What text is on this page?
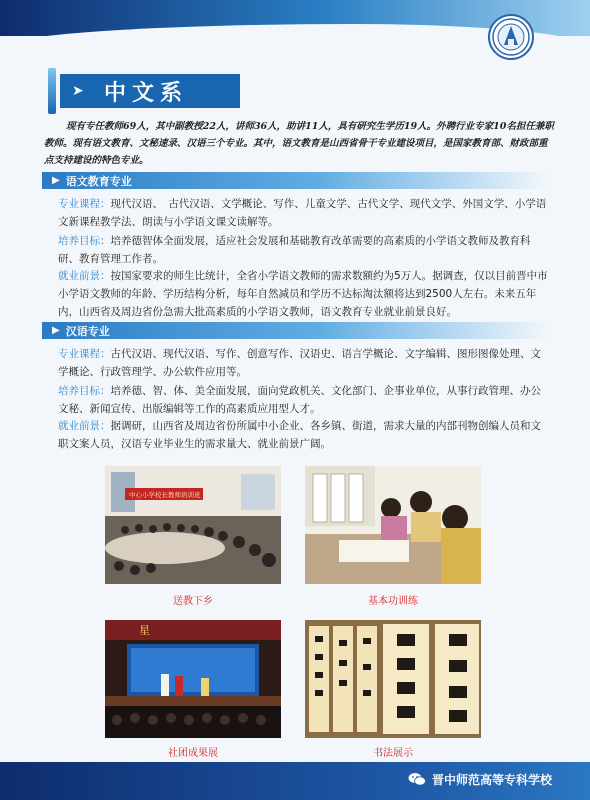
➤ 中文系

现有专任教师69人，其中副教授22人，讲师36人，助讲11人，具有研究生学历19人。外聘行业专家10名担任兼职教师。现有语文教育、文秘速录、汉语三个专业。其中，语文教育是山西省骨干专业建设项目，是国家教育部、财政部重点支持建设的特色专业。

▶ 语文教育专业

专业课程：现代汉语、　古代汉语、文学概论、写作、儿童文学、古代文学、现代文学、外国文学、小学语文新课程教学法、朗读与小学语文课文读解等。

培养目标：培养德智体全面发展，适应社会发展和基础教育改革需要的高素质的小学语文教师及教育科研、教育管理工作者。

就业前景：按国家要求的师生比统计，全省小学语文教师的需求数额约为5万人。据调查，仅以目前晋中市小学语文教师的年龄、学历结构分析，每年自然减员和学历不达标淘汰额将达到2500人左右。未来五年内，山西省及周边省份急需大批高素质的小学语文教师，语文教育专业就业前景良好。

▶ 汉语专业

专业课程：古代汉语、现代汉语、写作、创意写作、汉语史、语言学概论、文字编辑、图形图像处理、文学概论、行政管理学、办公软件应用等。

培养目标：培养德、智、体、美全面发展，面向党政机关、文化部门、企事业单位，从事行政管理、办公文秘、新闻宣传、出版编辑等工作的高素质应用型人才。

就业前景：据调研，山西省及周边省份所属中小企业、各乡镇、街道，需求大量的内部刊物创编人员和文职文案人员，汉语专业毕业生的需求量大、就业前景广阔。

中心小学校长教师培训班
送教下乡	基本功训练
星
社团成果展	书法展示
晋中师范高等专科学校
